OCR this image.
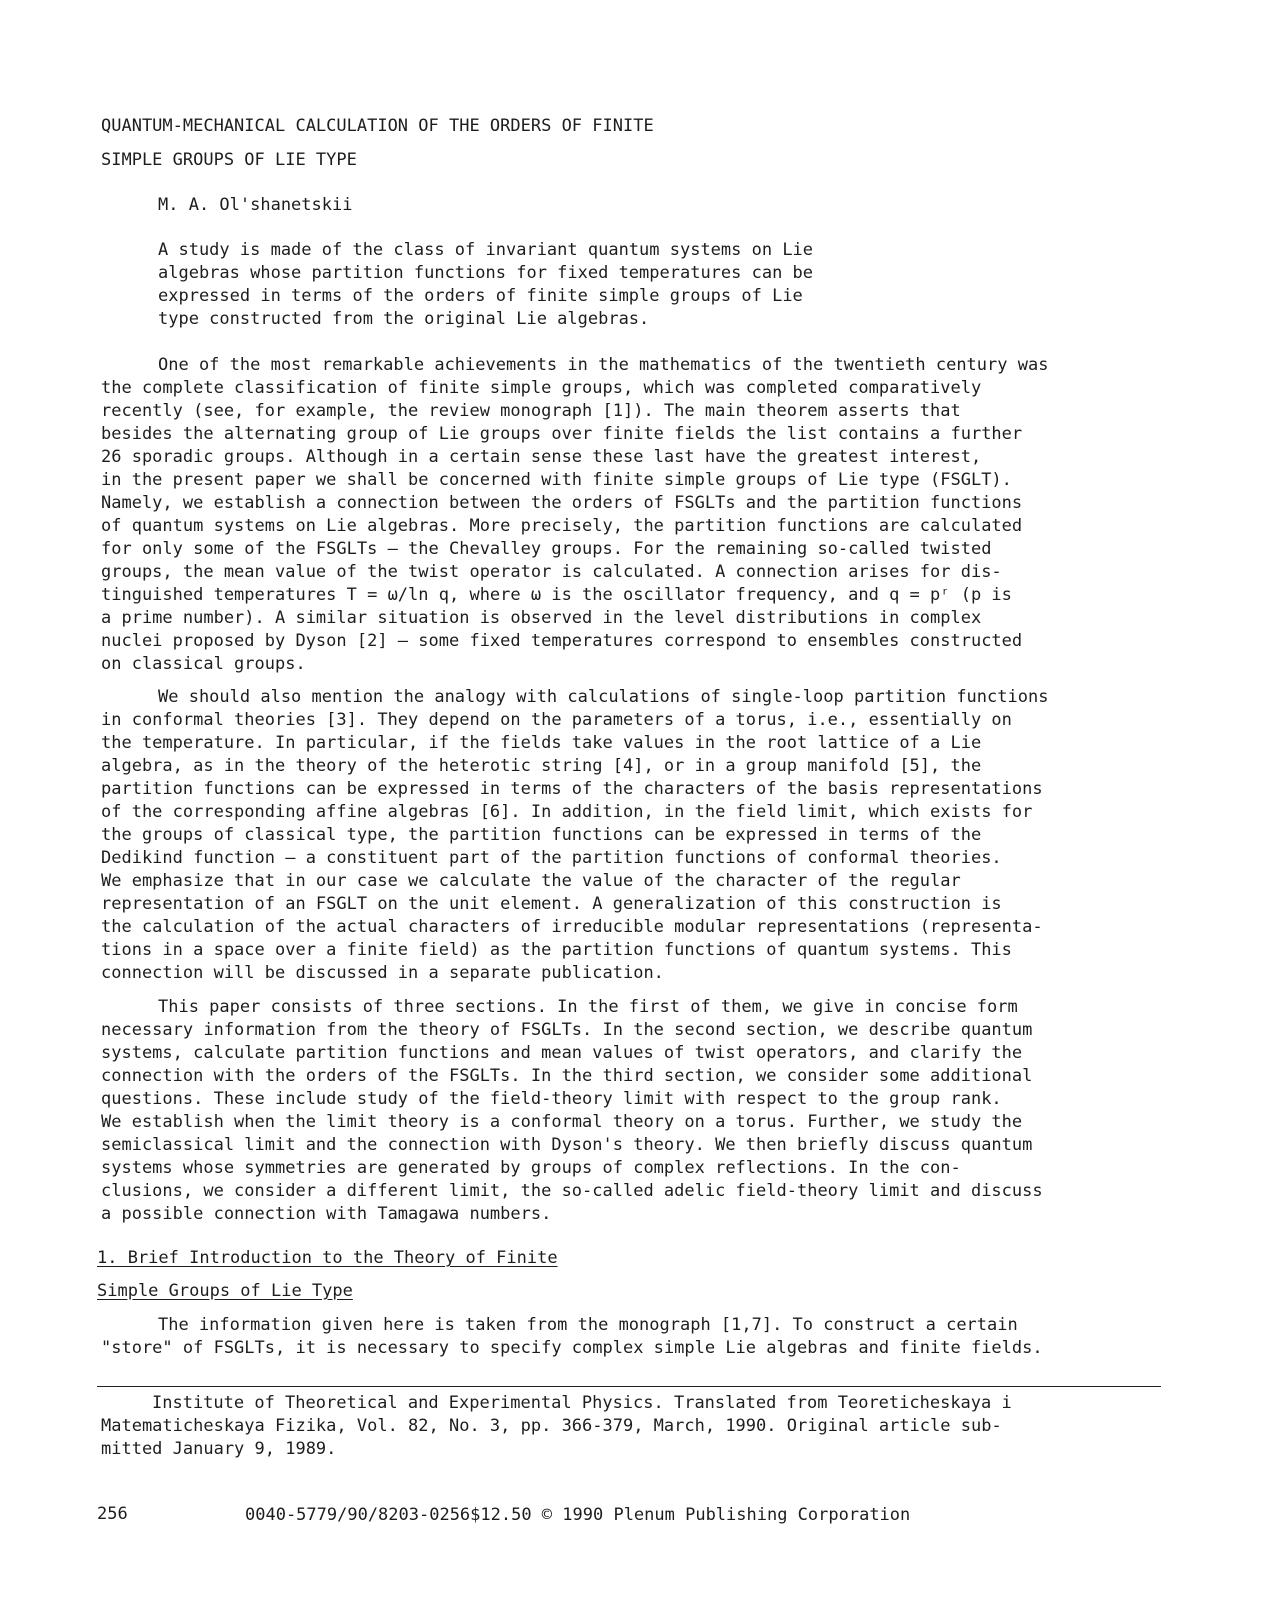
QUANTUM-MECHANICAL CALCULATION OF THE ORDERS OF FINITE
SIMPLE GROUPS OF LIE TYPE
M. A. Ol'shanetskii
A study is made of the class of invariant quantum systems on Lie
algebras whose partition functions for fixed temperatures can be
expressed in terms of the orders of finite simple groups of Lie
type constructed from the original Lie algebras.
One of the most remarkable achievements in the mathematics of the twentieth century was
the complete classification of finite simple groups, which was completed comparatively
recently (see, for example, the review monograph [1]). The main theorem asserts that
besides the alternating group of Lie groups over finite fields the list contains a further
26 sporadic groups. Although in a certain sense these last have the greatest interest,
in the present paper we shall be concerned with finite simple groups of Lie type (FSGLT).
Namely, we establish a connection between the orders of FSGLTs and the partition functions
of quantum systems on Lie algebras. More precisely, the partition functions are calculated
for only some of the FSGLTs — the Chevalley groups. For the remaining so-called twisted
groups, the mean value of the twist operator is calculated. A connection arises for dis-
tinguished temperatures T = ω/ln q, where ω is the oscillator frequency, and q = pʳ (p is
a prime number). A similar situation is observed in the level distributions in complex
nuclei proposed by Dyson [2] — some fixed temperatures correspond to ensembles constructed
on classical groups.
We should also mention the analogy with calculations of single-loop partition functions
in conformal theories [3]. They depend on the parameters of a torus, i.e., essentially on
the temperature. In particular, if the fields take values in the root lattice of a Lie
algebra, as in the theory of the heterotic string [4], or in a group manifold [5], the
partition functions can be expressed in terms of the characters of the basis representations
of the corresponding affine algebras [6]. In addition, in the field limit, which exists for
the groups of classical type, the partition functions can be expressed in terms of the
Dedikind function — a constituent part of the partition functions of conformal theories.
We emphasize that in our case we calculate the value of the character of the regular
representation of an FSGLT on the unit element. A generalization of this construction is
the calculation of the actual characters of irreducible modular representations (representa-
tions in a space over a finite field) as the partition functions of quantum systems. This
connection will be discussed in a separate publication.
This paper consists of three sections. In the first of them, we give in concise form
necessary information from the theory of FSGLTs. In the second section, we describe quantum
systems, calculate partition functions and mean values of twist operators, and clarify the
connection with the orders of the FSGLTs. In the third section, we consider some additional
questions. These include study of the field-theory limit with respect to the group rank.
We establish when the limit theory is a conformal theory on a torus. Further, we study the
semiclassical limit and the connection with Dyson's theory. We then briefly discuss quantum
systems whose symmetries are generated by groups of complex reflections. In the con-
clusions, we consider a different limit, the so-called adelic field-theory limit and discuss
a possible connection with Tamagawa numbers.
1. Brief Introduction to the Theory of Finite
Simple Groups of Lie Type
The information given here is taken from the monograph [1,7]. To construct a certain
"store" of FSGLTs, it is necessary to specify complex simple Lie algebras and finite fields.
Institute of Theoretical and Experimental Physics. Translated from Teoreticheskaya i
Matematicheskaya Fizika, Vol. 82, No. 3, pp. 366-379, March, 1990. Original article sub-
mitted January 9, 1989.
256	0040-5779/90/8203-0256$12.50 © 1990 Plenum Publishing Corporation
